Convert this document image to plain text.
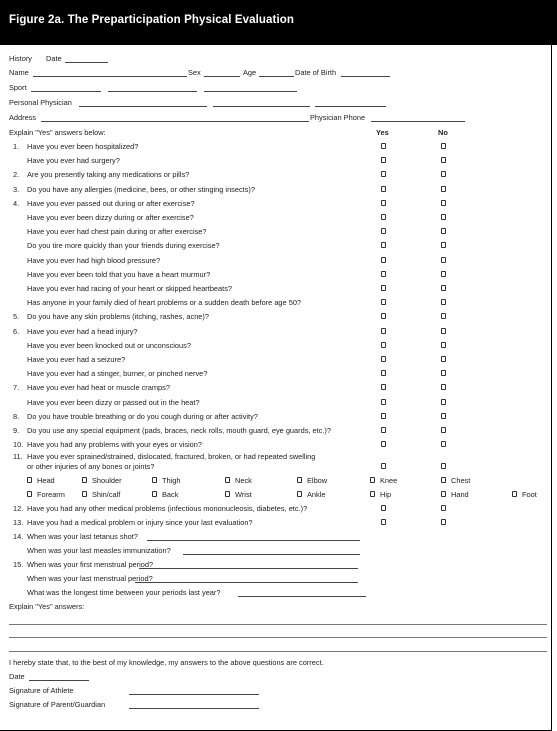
Figure 2a. The Preparticipation Physical Evaluation
History Date
Name	Sex	Age	Date of Birth
Sport
Personal Physician
Address	Physician Phone
Explain "Yes" answers below:	Yes	No
1. Have you ever been hospitalized?
Have you ever had surgery?
2. Are you presently taking any medications or pills?
3. Do you have any allergies (medicine, bees, or other stinging insects)?
4. Have you ever passed out during or after exercise?
Have you ever been dizzy during or after exercise?
Have you ever had chest pain during or after exercise?
Do you tire more quickly than your friends during exercise?
Have you ever had high blood pressure?
Have you ever been told that you have a heart murmur?
Have you ever had racing of your heart or skipped heartbeats?
Has anyone in your family died of heart problems or a sudden death before age 50?
5. Do you have any skin problems (itching, rashes, acne)?
6. Have you ever had a head injury?
Have you ever been knocked out or unconscious?
Have you ever had a seizure?
Have you ever had a stinger, burner, or pinched nerve?
7. Have you ever had heat or muscle cramps?
Have you ever been dizzy or passed out in the heat?
8. Do you have trouble breathing or do you cough during or after activity?
9. Do you use any special equipment (pads, braces, neck rolls, mouth guard, eye guards, etc.)?
10. Have you had any problems with your eyes or vision?
11. Have you ever sprained/strained, dislocated, fractured, broken, or had repeated swelling
or other injuries of any bones or joints?
Head	Shoulder	Thigh	Neck	Elbow	Knee	Chest
Forearm	Shin/calf	Back	Wrist	Ankle	Hip	Hand	Foot
12. Have you had any other medical problems (infectious mononucleosis, diabetes, etc.)?
13. Have you had a medical problem or injury since your last evaluation?
14. When was your last tetanus shot?
When was your last measles immunization?
15. When was your first menstrual period?
When was your last menstrual period?
What was the longest time between your periods last year?
Explain "Yes" answers:
I hereby state that, to the best of my knowledge, my answers to the above questions are correct.
Date
Signature of Athlete
Signature of Parent/Guardian
